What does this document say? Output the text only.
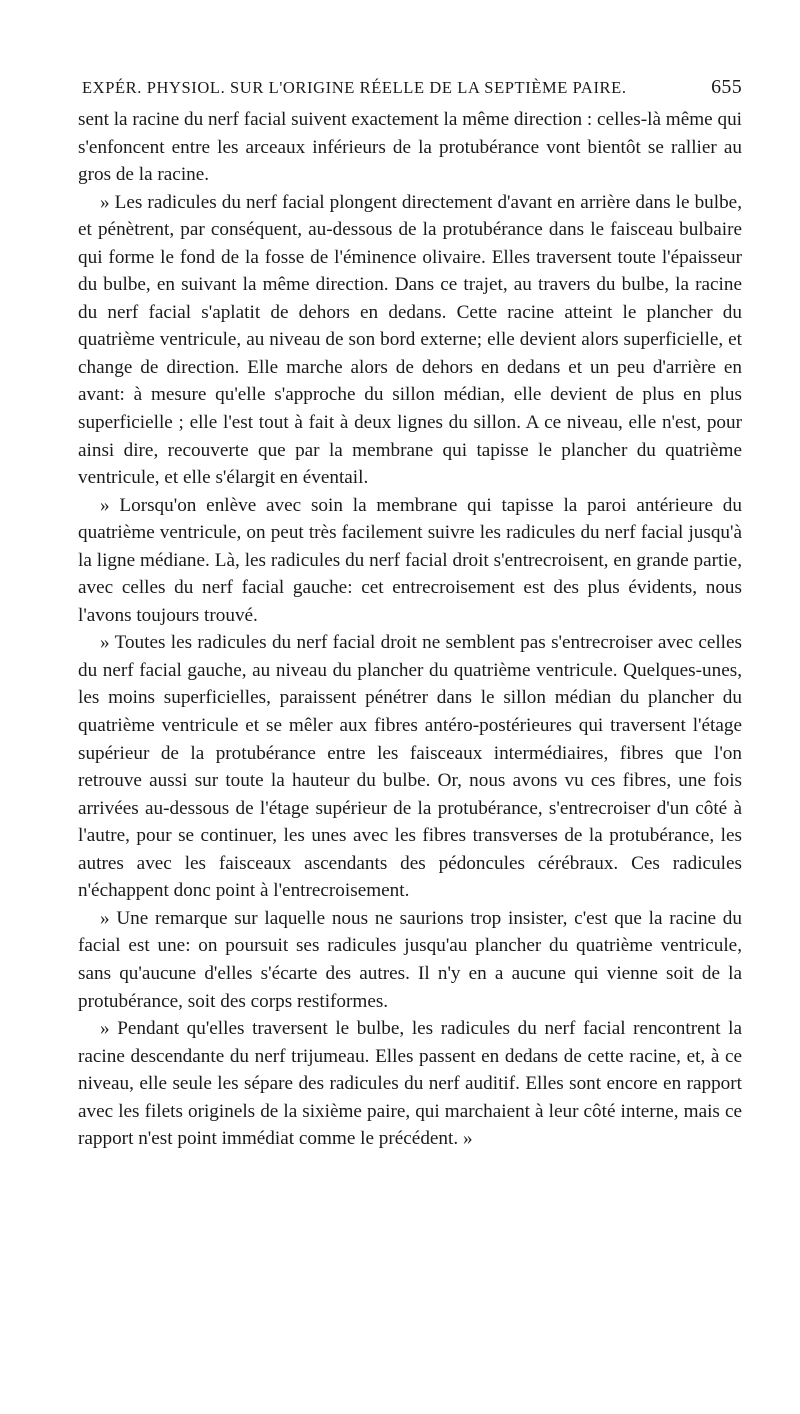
EXPÉR. PHYSIOL. SUR L'ORIGINE RÉELLE DE LA SEPTIÈME PAIRE.	655

sent la racine du nerf facial suivent exactement la même direction : celles-là même qui s'enfoncent entre les arceaux inférieurs de la protubérance vont bientôt se rallier au gros de la racine.

» Les radicules du nerf facial plongent directement d'avant en arrière dans le bulbe, et pénètrent, par conséquent, au-dessous de la protubérance dans le faisceau bulbaire qui forme le fond de la fosse de l'éminence olivaire. Elles traversent toute l'épaisseur du bulbe, en suivant la même direction. Dans ce trajet, au travers du bulbe, la racine du nerf facial s'aplatit de dehors en dedans. Cette racine atteint le plancher du quatrième ventricule, au niveau de son bord externe; elle devient alors superficielle, et change de direction. Elle marche alors de dehors en dedans et un peu d'arrière en avant: à mesure qu'elle s'approche du sillon médian, elle devient de plus en plus superficielle ; elle l'est tout à fait à deux lignes du sillon. A ce niveau, elle n'est, pour ainsi dire, recouverte que par la membrane qui tapisse le plancher du quatrième ventricule, et elle s'élargit en éventail.

» Lorsqu'on enlève avec soin la membrane qui tapisse la paroi antérieure du quatrième ventricule, on peut très facilement suivre les radicules du nerf facial jusqu'à la ligne médiane. Là, les radicules du nerf facial droit s'entrecroisent, en grande partie, avec celles du nerf facial gauche: cet entrecroisement est des plus évidents, nous l'avons toujours trouvé.

» Toutes les radicules du nerf facial droit ne semblent pas s'entrecroiser avec celles du nerf facial gauche, au niveau du plancher du quatrième ventricule. Quelques-unes, les moins superficielles, paraissent pénétrer dans le sillon médian du plancher du quatrième ventricule et se mêler aux fibres antéro-postérieures qui traversent l'étage supérieur de la protubérance entre les faisceaux intermédiaires, fibres que l'on retrouve aussi sur toute la hauteur du bulbe. Or, nous avons vu ces fibres, une fois arrivées au-dessous de l'étage supérieur de la protubérance, s'entrecroiser d'un côté à l'autre, pour se continuer, les unes avec les fibres transverses de la protubérance, les autres avec les faisceaux ascendants des pédoncules cérébraux. Ces radicules n'échappent donc point à l'entrecroisement.

» Une remarque sur laquelle nous ne saurions trop insister, c'est que la racine du facial est une: on poursuit ses radicules jusqu'au plancher du quatrième ventricule, sans qu'aucune d'elles s'écarte des autres. Il n'y en a aucune qui vienne soit de la protubérance, soit des corps restiformes.

» Pendant qu'elles traversent le bulbe, les radicules du nerf facial rencontrent la racine descendante du nerf trijumeau. Elles passent en dedans de cette racine, et, à ce niveau, elle seule les sépare des radicules du nerf auditif. Elles sont encore en rapport avec les filets originels de la sixième paire, qui marchaient à leur côté interne, mais ce rapport n'est point immédiat comme le précédent. »
